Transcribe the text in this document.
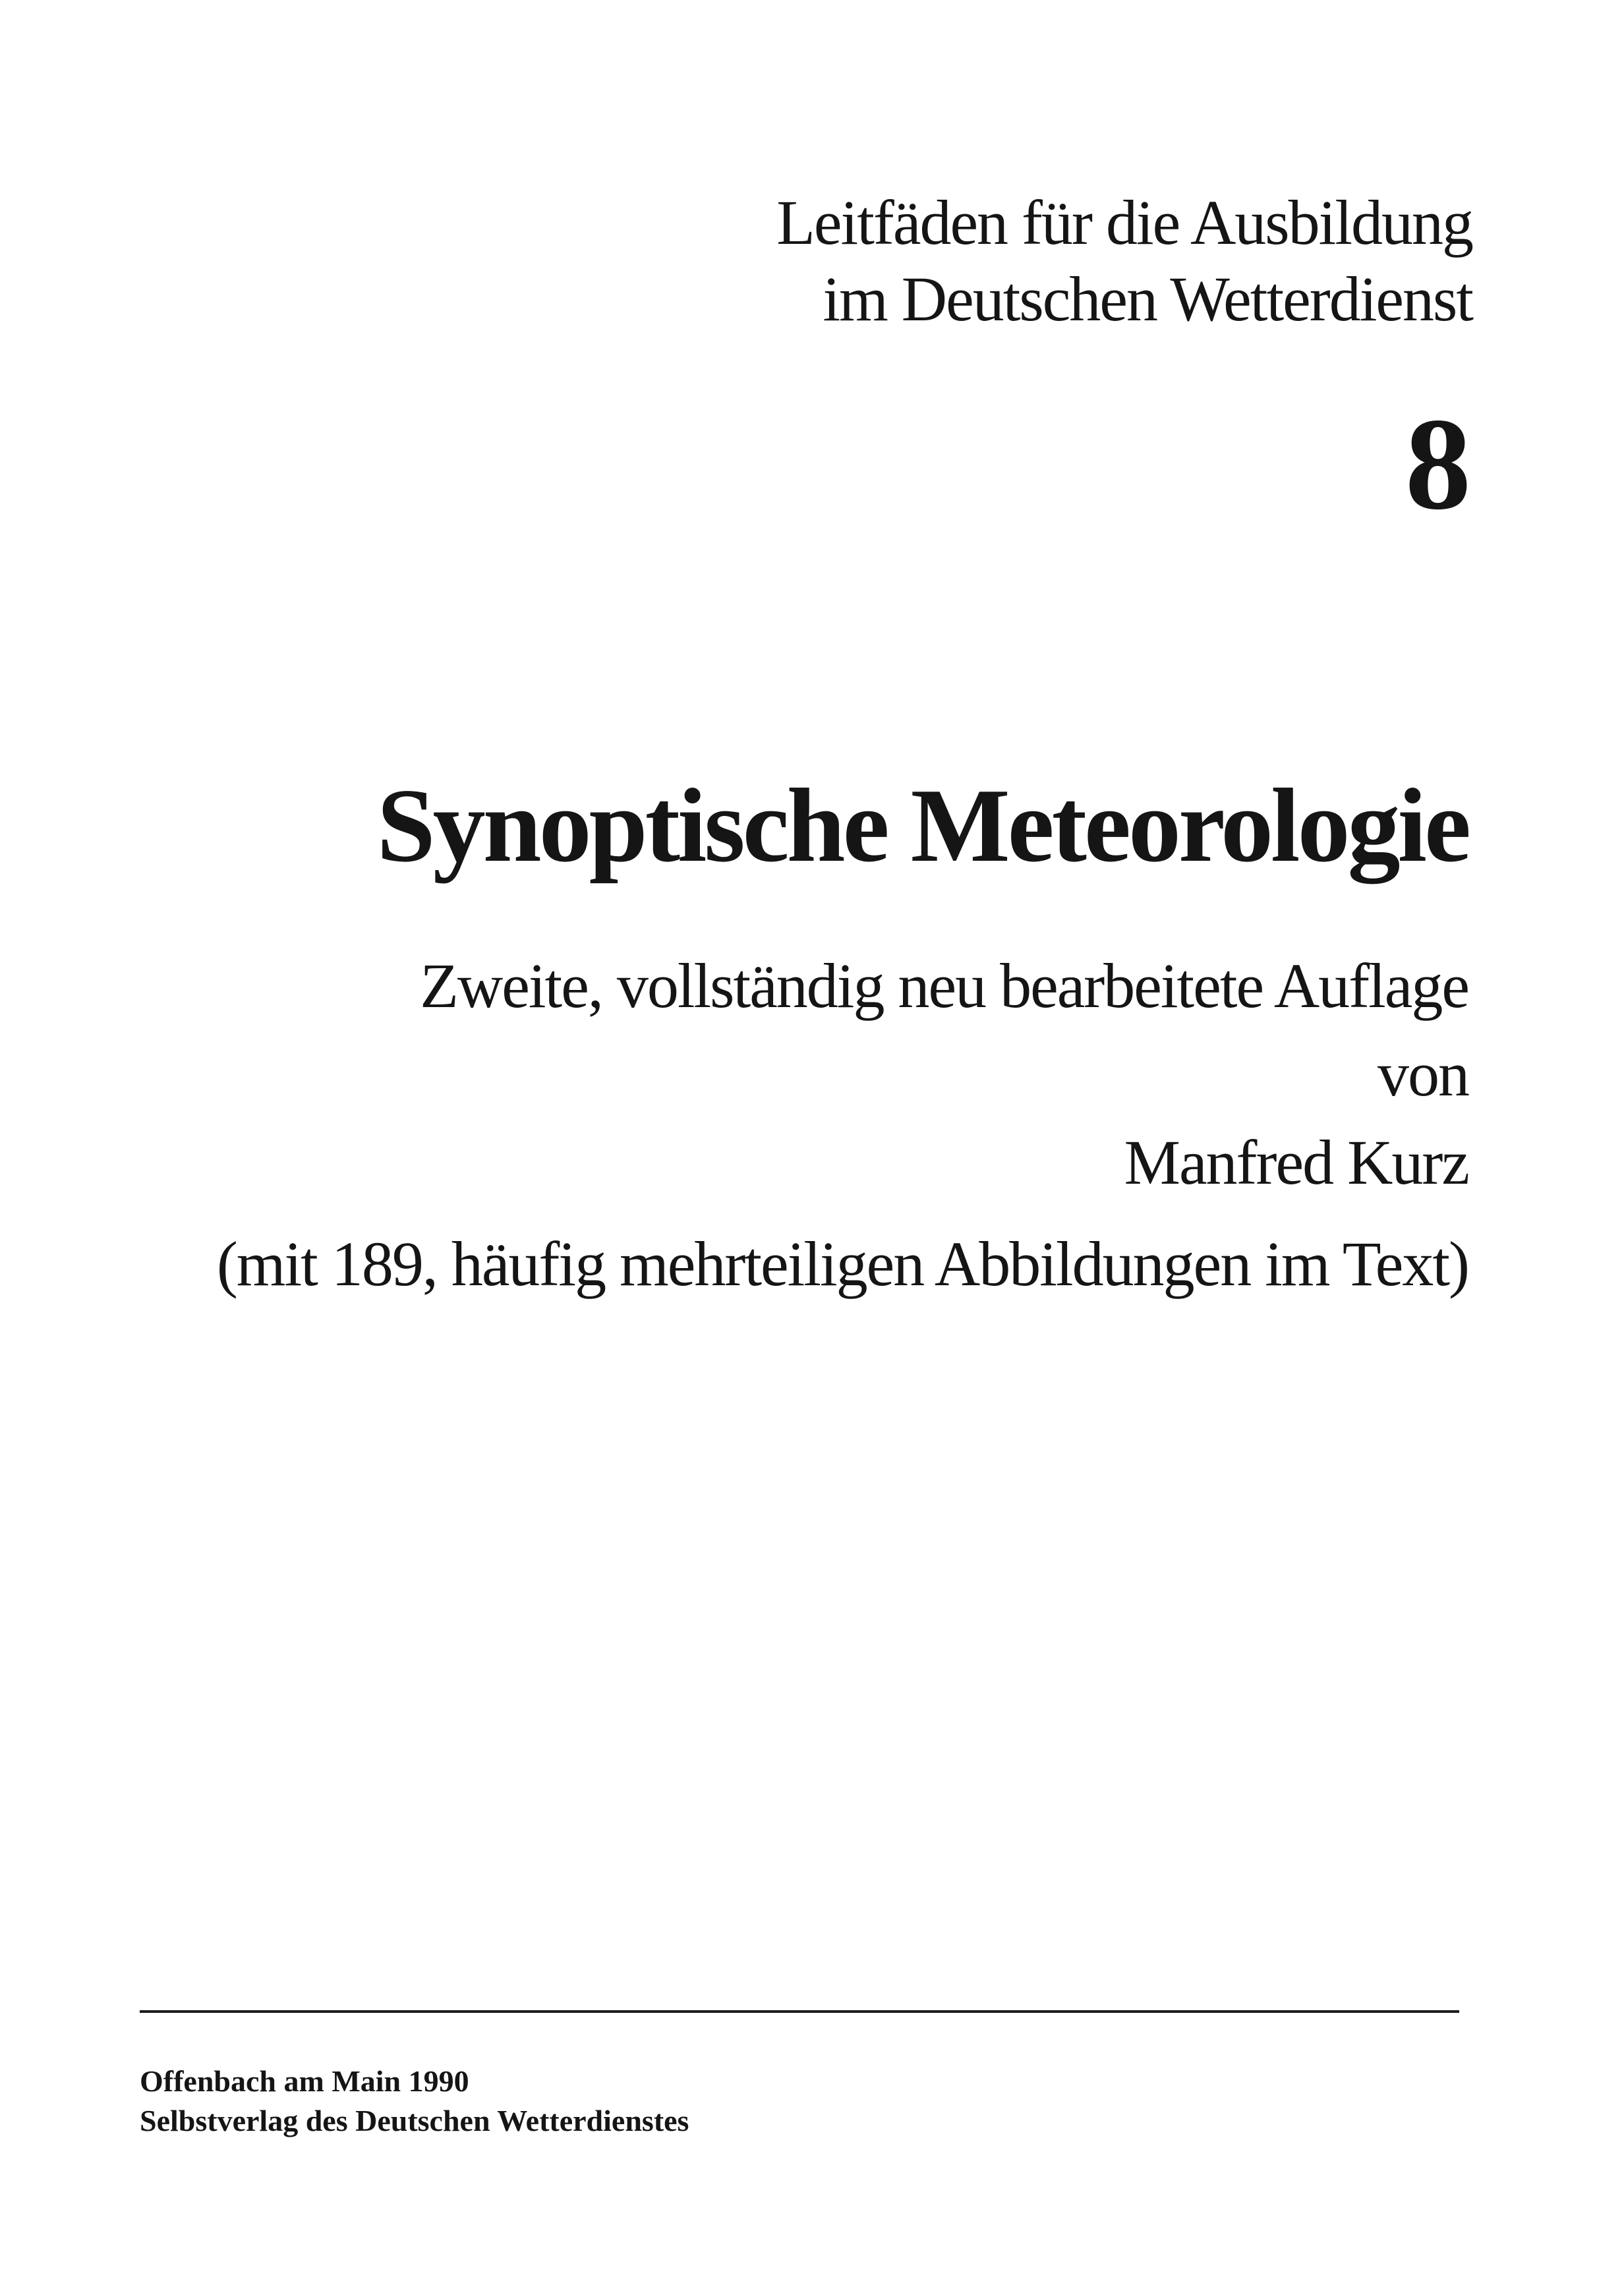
Leitfäden für die Ausbildung
im Deutschen Wetterdienst
8
Synoptische Meteorologie
Zweite, vollständig neu bearbeitete Auflage
von
Manfred Kurz
(mit 189, häufig mehrteiligen Abbildungen im Text)
Offenbach am Main 1990
Selbstverlag des Deutschen Wetterdienstes
